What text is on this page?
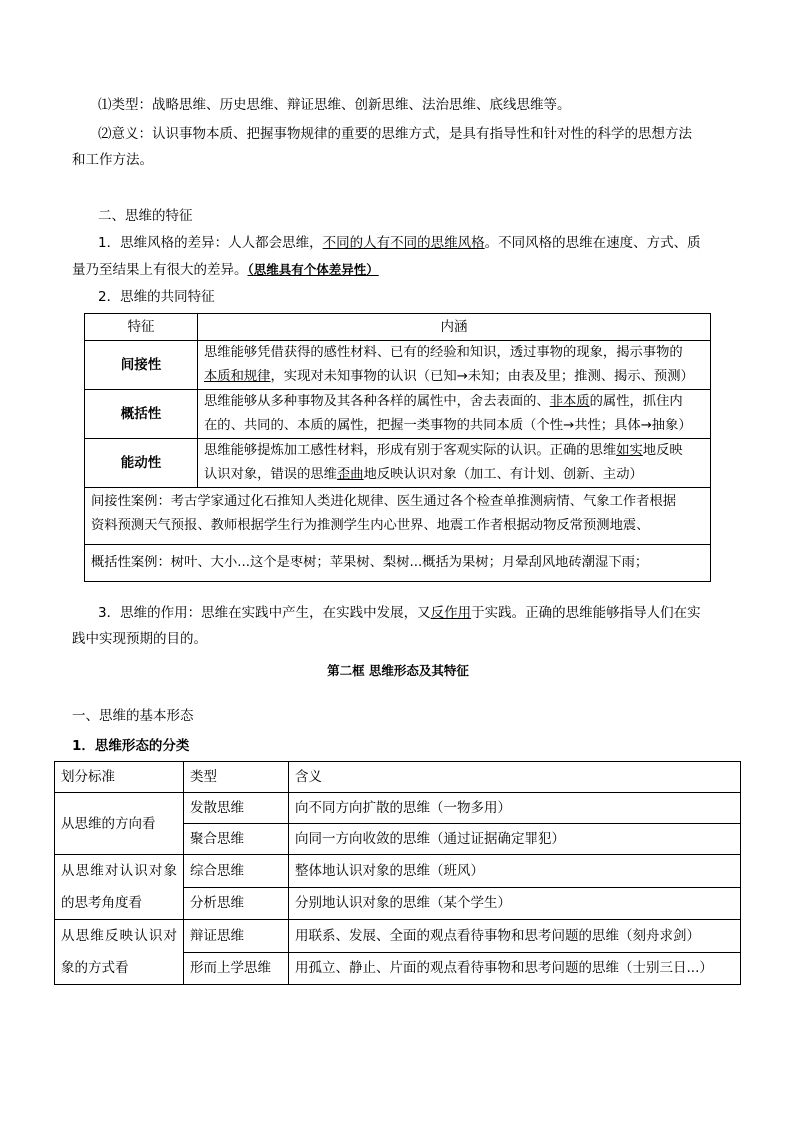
⑴类型：战略思维、历史思维、辩证思维、创新思维、法治思维、底线思维等。

⑵意义：认识事物本质、把握事物规律的重要的思维方式，是具有指导性和针对性的科学的思想方法

和工作方法。

二、思维的特征

1．思维风格的差异：人人都会思维，不同的人有不同的思维风格。不同风格的思维在速度、方式、质

量乃至结果上有很大的差异。（思维具有个体差异性）

2．思维的共同特征

特征	内涵
间接性	思维能够凭借获得的感性材料、已有的经验和知识，透过事物的现象，揭示事物的
本质和规律，实现对未知事物的认识（已知→未知；由表及里；推测、揭示、预测）

概括性	思维能够从多种事物及其各种各样的属性中，舍去表面的、非本质的属性，抓住内
在的、共同的、本质的属性，把握一类事物的共同本质（个性→共性；具体→抽象）

能动性	思维能够提炼加工感性材料，形成有别于客观实际的认识。正确的思维如实地反映
认识对象，错误的思维歪曲地反映认识对象（加工、有计划、创新、主动）

间接性案例：考古学家通过化石推知人类进化规律、医生通过各个检查单推测病情、气象工作者根据
资料预测天气预报、教师根据学生行为推测学生内心世界、地震工作者根据动物反常预测地震、	

概括性案例：树叶、大小...这个是枣树；苹果树、梨树...概括为果树；月晕刮风地砖潮湿下雨；	

3．思维的作用：思维在实践中产生，在实践中发展，又反作用于实践。正确的思维能够指导人们在实

践中实现预期的目的。

第二框 思维形态及其特征

一、思维的基本形态

1．思维形态的分类

划分标准	类型	含义
从思维的方向看	发散思维	向不同方向扩散的思维（一物多用）
	聚合思维	向同一方向收敛的思维（通过证据确定罪犯）
从思维对认识对象的思考角度看	综合思维	整体地认识对象的思维（班风）
	分析思维	分别地认识对象的思维（某个学生）
从思维反映认识对象的方式看	辩证思维	用联系、发展、全面的观点看待事物和思考问题的思维（刻舟求剑）
	形而上学思维	用孤立、静止、片面的观点看待事物和思考问题的思维（士别三日...）
